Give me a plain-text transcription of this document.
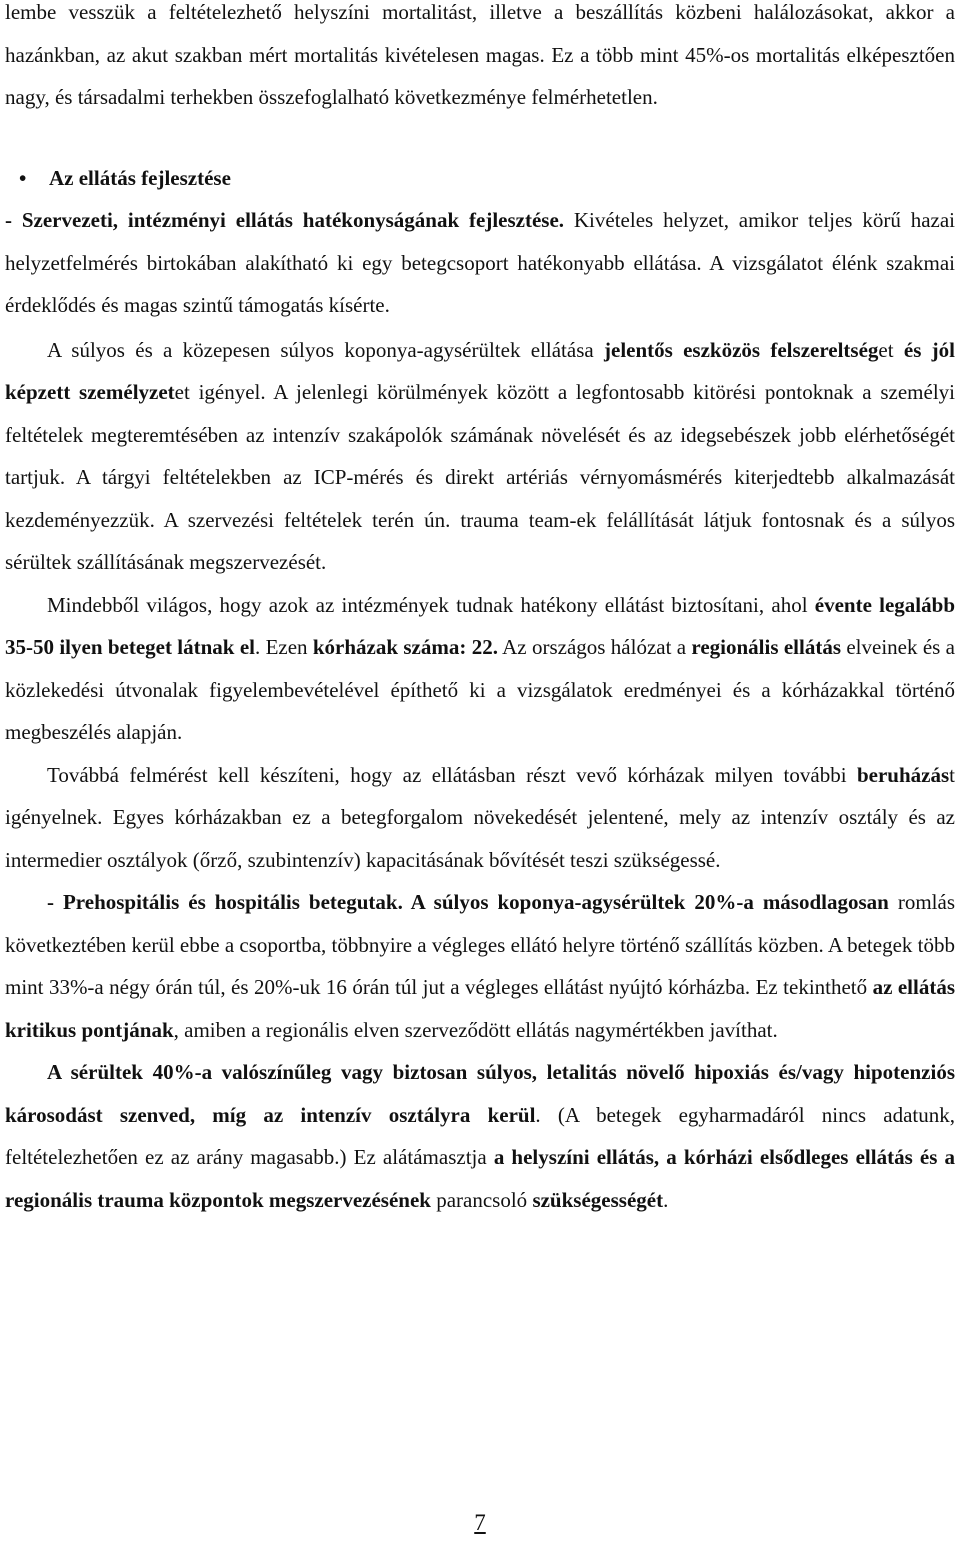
lembe vesszük a feltételezhető helyszíni mortalitást, illetve a beszállítás közbeni halálozásokat, akkor a hazánkban, az akut szakban mért mortalitás kivételesen magas. Ez a több mint 45%-os mortalitás elképesztően nagy, és társadalmi terhekben összefoglalható következménye felmérhetetlen.

• Az ellátás fejlesztése

- Szervezeti, intézményi ellátás hatékonyságának fejlesztése. Kivételes helyzet, amikor teljes körű hazai helyzetfelmérés birtokában alakítható ki egy betegcsoport hatékonyabb ellátása. A vizsgálatot élénk szakmai érdeklődés és magas szintű támogatás kísérte.

A súlyos és a közepesen súlyos koponya-agysérültek ellátása jelentős eszközös felszereltséget és jól képzett személyzetet igényel. A jelenlegi körülmények között a legfontosabb kitörési pontoknak a személyi feltételek megteremtésében az intenzív szakápolók számának növelését és az idegsebészek jobb elérhetőségét tartjuk. A tárgyi feltételekben az ICP-mérés és direkt artériás vérnyomásmérés kiterjedtebb alkalmazását kezdeményezzük. A szervezési feltételek terén ún. trauma team-ek felállítását látjuk fontosnak és a súlyos sérültek szállításának megszervezését.

Mindebből világos, hogy azok az intézmények tudnak hatékony ellátást biztosítani, ahol évente legalább 35-50 ilyen beteget látnak el. Ezen kórházak száma: 22. Az országos hálózat a regionális ellátás elveinek és a közlekedési útvonalak figyelembevételével építhető ki a vizsgálatok eredményei és a kórházakkal történő megbeszélés alapján.

Továbbá felmérést kell készíteni, hogy az ellátásban részt vevő kórházak milyen további beruházást igényelnek. Egyes kórházakban ez a betegforgalom növekedését jelentené, mely az intenzív osztály és az intermedier osztályok (őrző, szubintenzív) kapacitásának bővítését teszi szükségessé.

- Prehospitális és hospitális betegutak. A súlyos koponya-agysérültek 20%-a másodlagosan romlás következtében kerül ebbe a csoportba, többnyire a végleges ellátó helyre történő szállítás közben. A betegek több mint 33%-a négy órán túl, és 20%-uk 16 órán túl jut a végleges ellátást nyújtó kórházba. Ez tekinthető az ellátás kritikus pontjának, amiben a regionális elven szerveződött ellátás nagymértékben javíthat.

A sérültek 40%-a valószínűleg vagy biztosan súlyos, letalitás növelő hipoxiás és/vagy hipotenziós károsodást szenved, míg az intenzív osztályra kerül. (A betegek egyharmadáról nincs adatunk, feltételezhetően ez az arány magasabb.) Ez alátámasztja a helyszíni ellátás, a kórházi elsődleges ellátás és a regionális trauma központok megszervezésének parancsoló szükségességét.

7
